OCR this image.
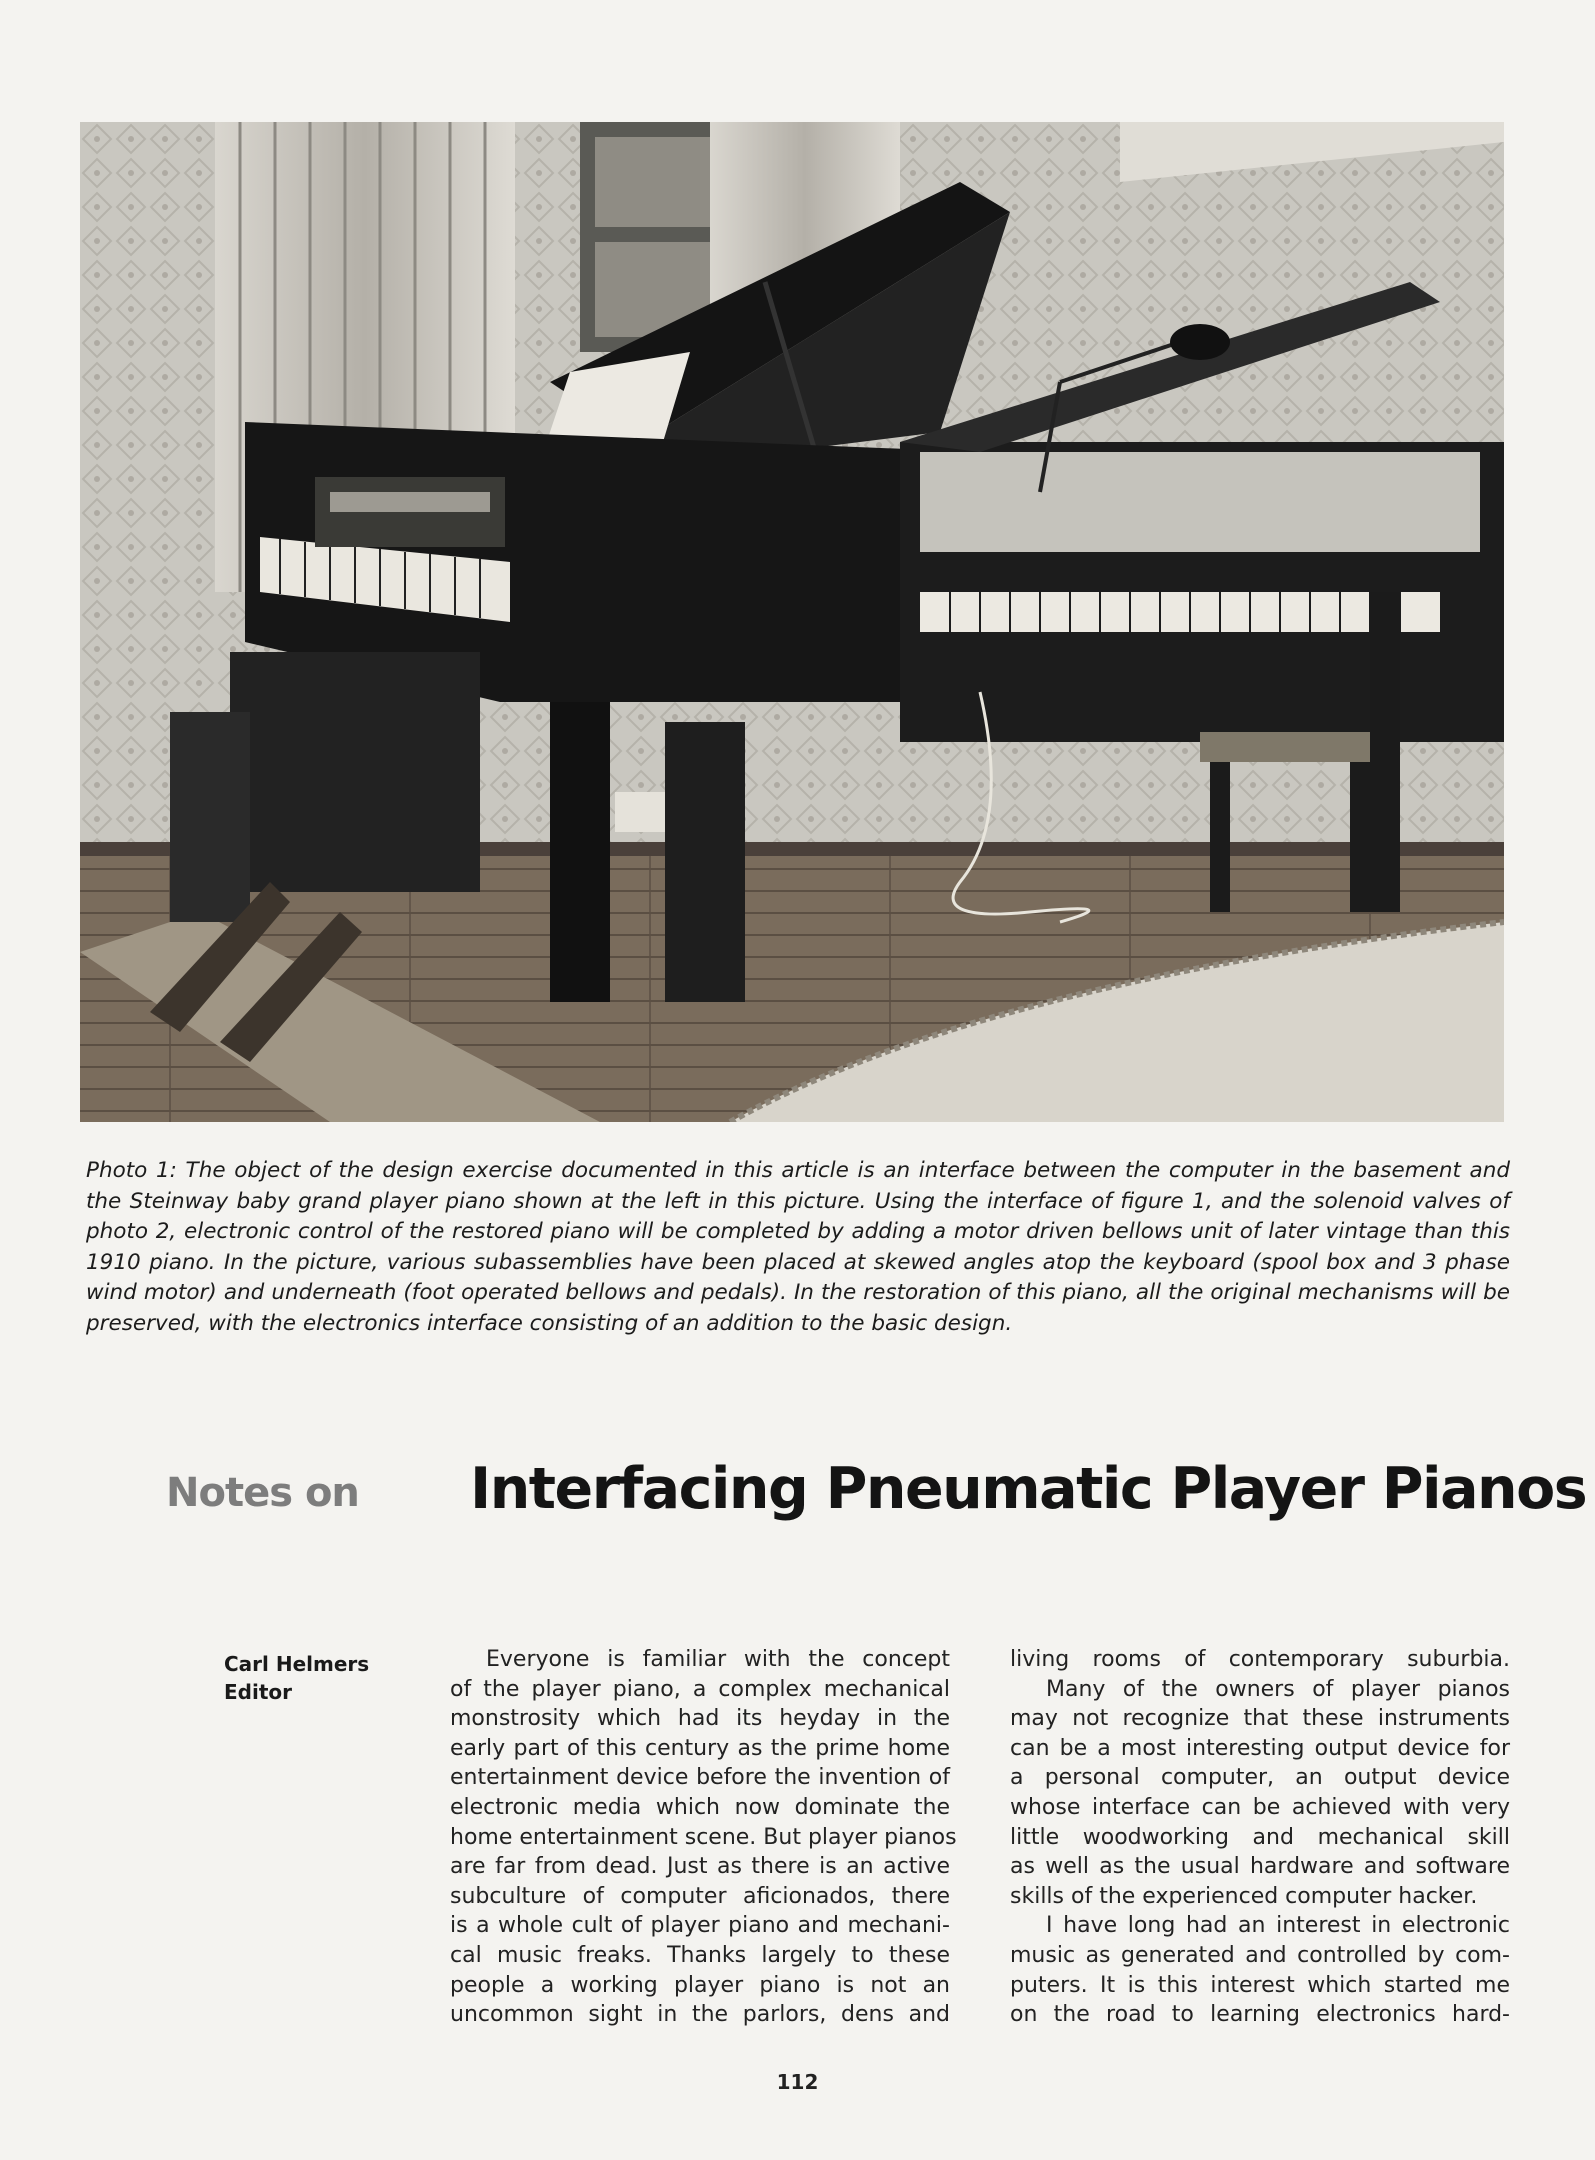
Photo 1: The object of the design exercise documented in this article is an interface between the computer in the basement and the Steinway baby grand player piano shown at the left in this picture. Using the interface of figure 1, and the solenoid valves of photo 2, electronic control of the restored piano will be completed by adding a motor driven bellows unit of later vintage than this 1910 piano. In the picture, various subassemblies have been placed at skewed angles atop the keyboard (spool box and 3 phase wind motor) and underneath (foot operated bellows and pedals). In the restoration of this piano, all the original mechanisms will be preserved, with the electronics interface consisting of an addition to the basic design.

Notes on Interfacing Pneumatic Player Pianos
Carl Helmers
Editor
Everyone is familiar with the concept
of the player piano, a complex mechanical
monstrosity which had its heyday in the
early part of this century as the prime home
entertainment device before the invention of
electronic media which now dominate the
home entertainment scene. But player pianos
are far from dead. Just as there is an active
subculture of computer aficionados, there
is a whole cult of player piano and mechani-
cal music freaks. Thanks largely to these
people a working player piano is not an
uncommon sight in the parlors, dens and
living rooms of contemporary suburbia.
Many of the owners of player pianos
may not recognize that these instruments
can be a most interesting output device for
a personal computer, an output device
whose interface can be achieved with very
little woodworking and mechanical skill
as well as the usual hardware and software
skills of the experienced computer hacker.
I have long had an interest in electronic
music as generated and controlled by com-
puters. It is this interest which started me
on the road to learning electronics hard-
112
